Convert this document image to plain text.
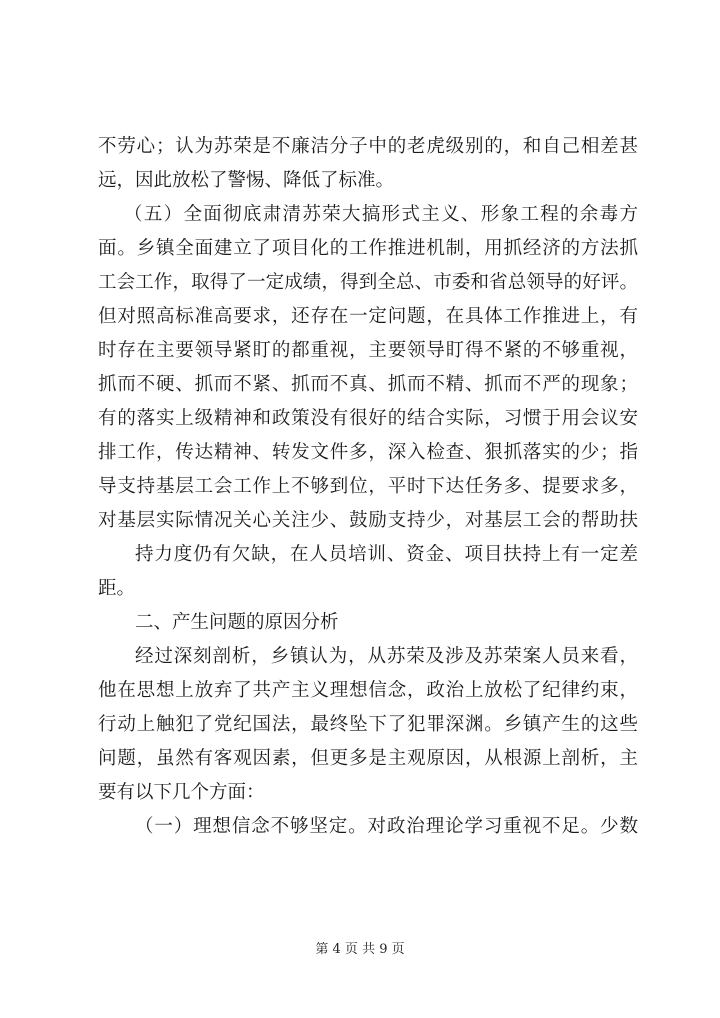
不劳心；认为苏荣是不廉洁分子中的老虎级别的，和自己相差甚
远，因此放松了警惕、降低了标准。
（五）全面彻底肃清苏荣大搞形式主义、形象工程的余毒方
面。乡镇全面建立了项目化的工作推进机制，用抓经济的方法抓
工会工作，取得了一定成绩，得到全总、市委和省总领导的好评。
但对照高标准高要求，还存在一定问题，在具体工作推进上，有
时存在主要领导紧盯的都重视，主要领导盯得不紧的不够重视，
抓而不硬、抓而不紧、抓而不真、抓而不精、抓而不严的现象；
有的落实上级精神和政策没有很好的结合实际，习惯于用会议安
排工作，传达精神、转发文件多，深入检查、狠抓落实的少；指
导支持基层工会工作上不够到位，平时下达任务多、提要求多，
对基层实际情况关心关注少、鼓励支持少，对基层工会的帮助扶
持力度仍有欠缺，在人员培训、资金、项目扶持上有一定差
距。
二、产生问题的原因分析
经过深刻剖析，乡镇认为，从苏荣及涉及苏荣案人员来看，
他在思想上放弃了共产主义理想信念，政治上放松了纪律约束，
行动上触犯了党纪国法，最终坠下了犯罪深渊。乡镇产生的这些
问题，虽然有客观因素，但更多是主观原因，从根源上剖析，主
要有以下几个方面：
（一）理想信念不够坚定。对政治理论学习重视不足。少数
第 4 页 共 9 页
